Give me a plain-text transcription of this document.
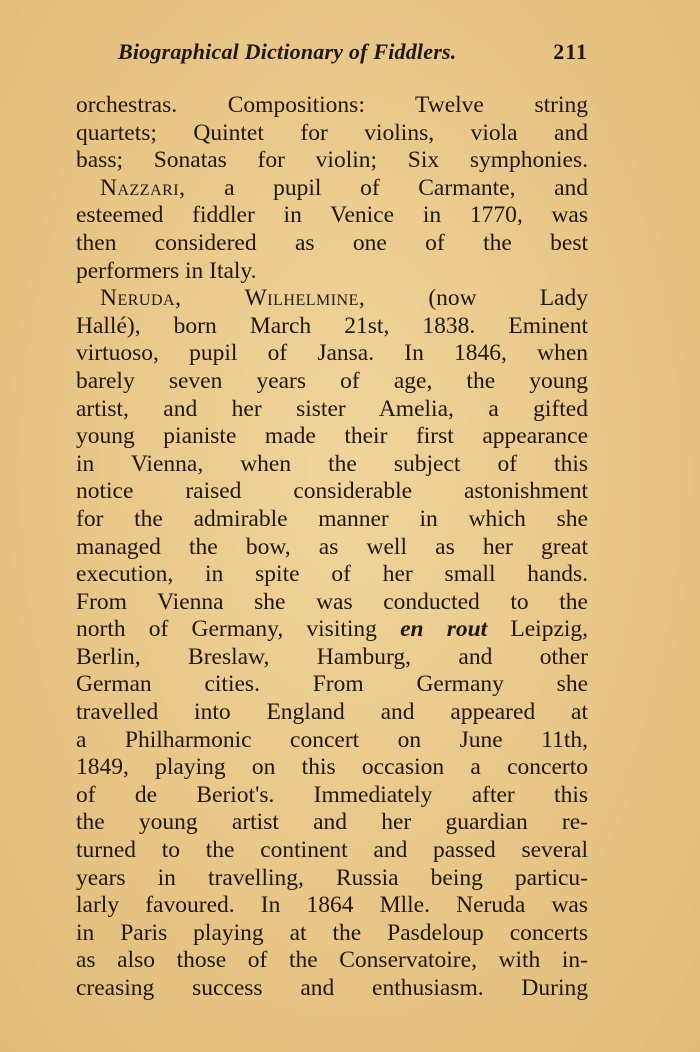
Biographical Dictionary of Fiddlers.	211
orchestras. Compositions: Twelve string
quartets; Quintet for violins, viola and
bass; Sonatas for violin; Six symphonies.
Nazzari, a pupil of Carmante, and
esteemed fiddler in Venice in 1770, was
then considered as one of the best
performers in Italy.
Neruda, Wilhelmine,	(now Lady
Hallé), born March 21st, 1838. Eminent
virtuoso, pupil of Jansa. In 1846, when
barely seven years of age, the young
artist, and her sister Amelia, a gifted
young pianiste made their first appearance
in Vienna, when the subject of this
notice raised considerable astonishment
for the admirable manner in which she
managed the bow, as well as her great
execution, in spite of her small hands.
From Vienna she was conducted to the
north of Germany, visiting en rout Leipzig,
Berlin, Breslaw, Hamburg, and other
German cities. From Germany she
travelled into England and appeared at
a Philharmonic concert on June 11th,
1849, playing on this occasion a concerto
of de Beriot's. Immediately after this
the young artist and her guardian re-
turned to the continent and passed several
years in travelling, Russia being particu-
larly favoured. In 1864 Mlle. Neruda was
in Paris playing at the Pasdeloup concerts
as also those of the Conservatoire, with in-
creasing success and enthusiasm. During
